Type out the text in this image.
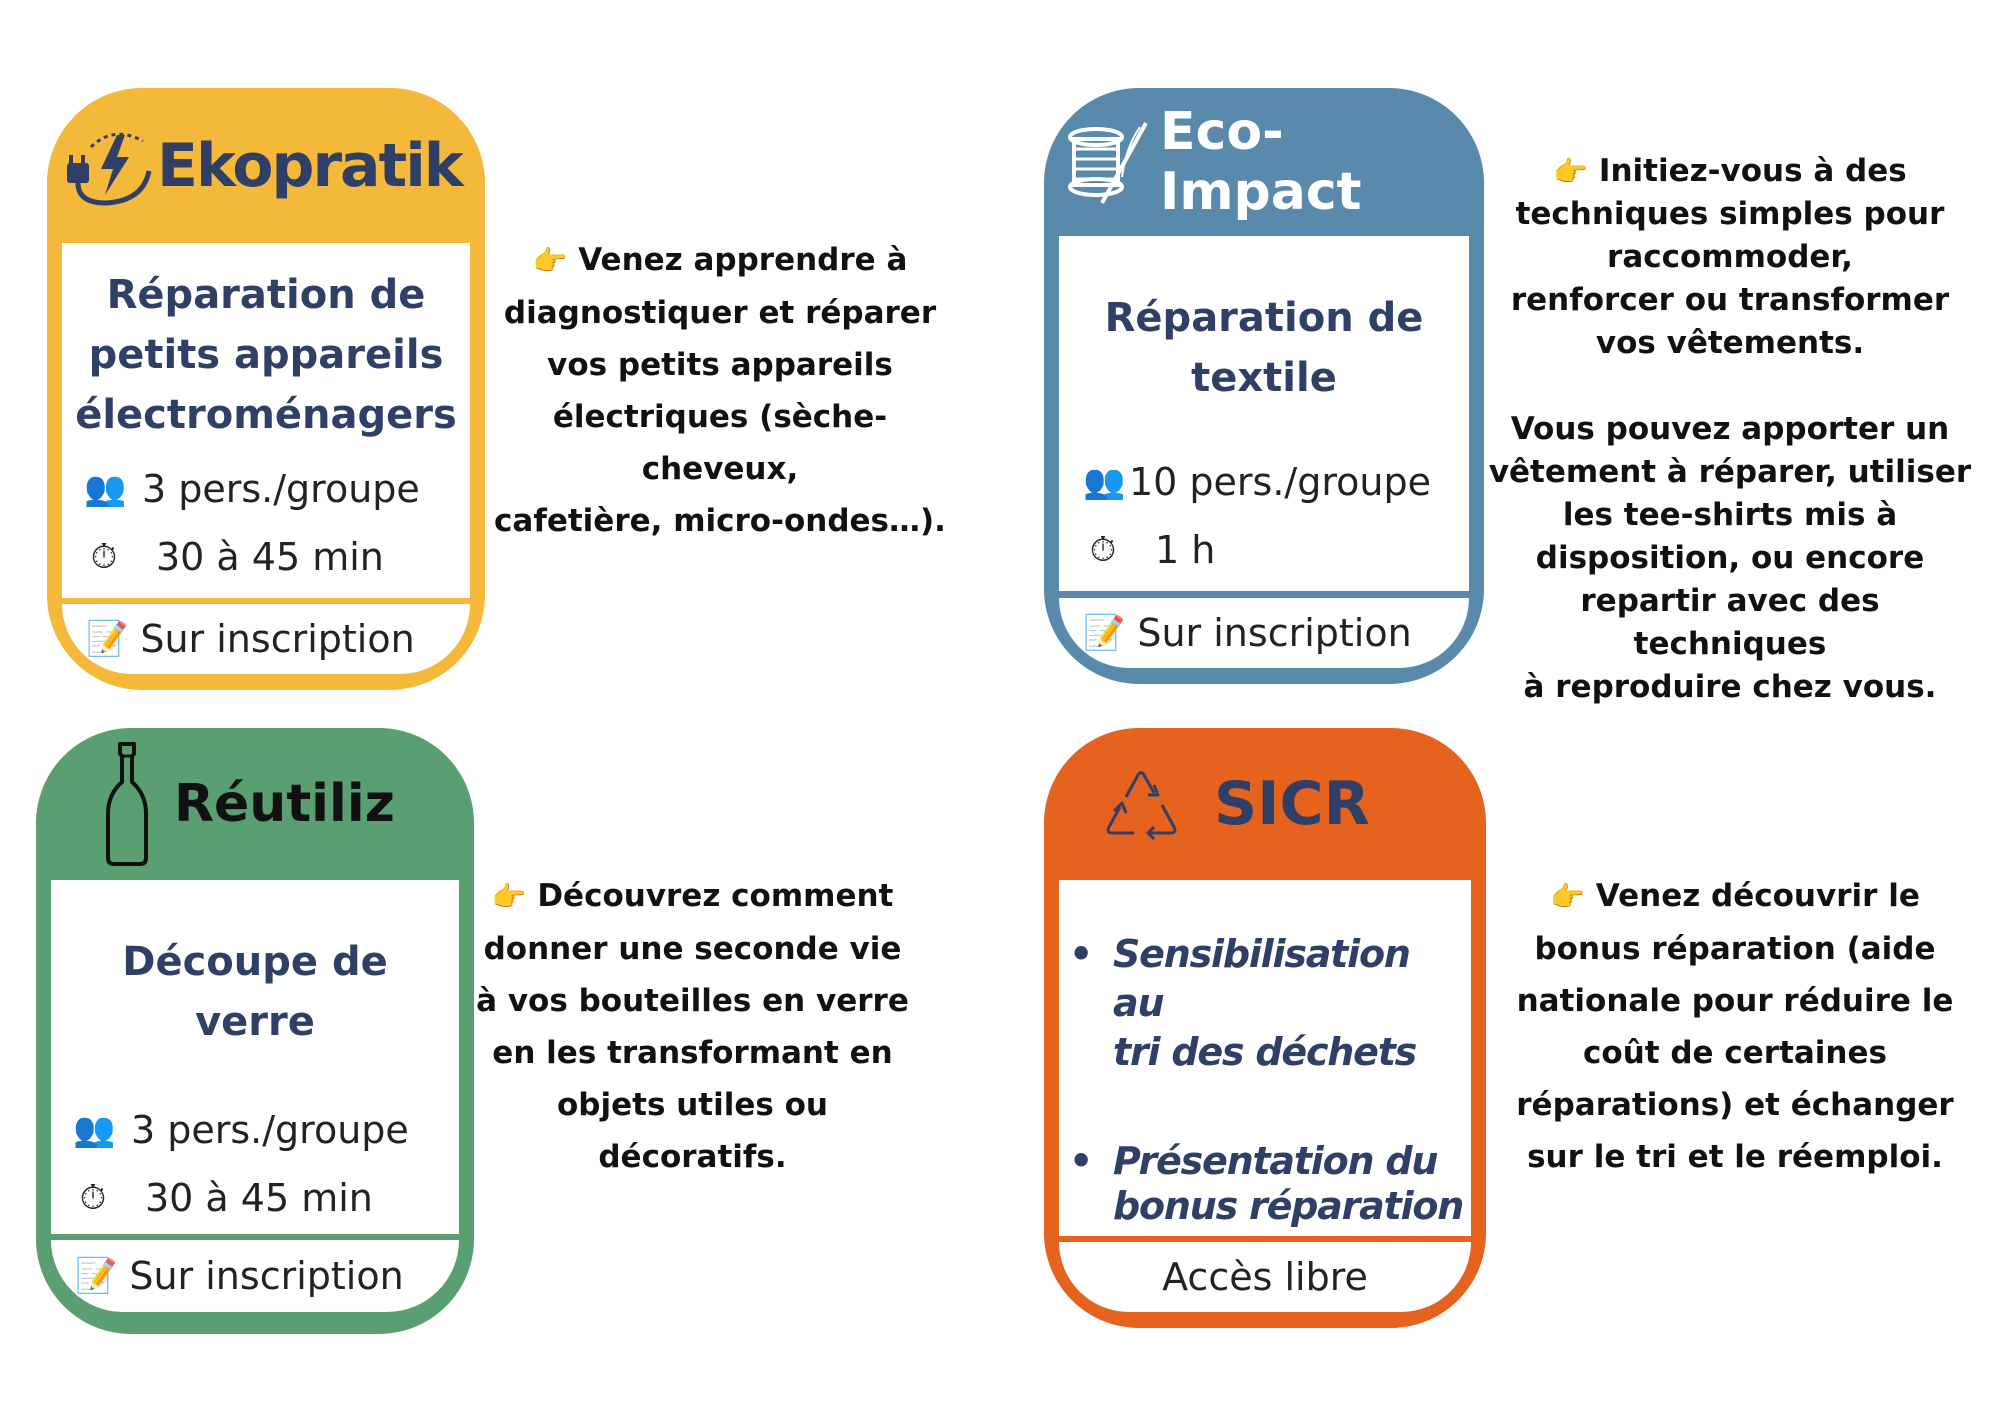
Ekopratik
Réparation de
petits appareils
électroménagers
👥 3 pers./groupe
⏱ 30 à 45 min
📝 Sur inscription
👉 Venez apprendre à
diagnostiquer et réparer
vos petits appareils
électriques (sèche-cheveux,
cafetière, micro-ondes…).
Eco-Impact
Réparation de
textile
👥 10 pers./groupe
⏱ 1 h
📝 Sur inscription
👉 Initiez-vous à des
techniques simples pour
raccommoder,
renforcer ou transformer
vos vêtements.
Vous pouvez apporter un
vêtement à réparer, utiliser
les tee-shirts mis à
disposition, ou encore
repartir avec des techniques
à reproduire chez vous.
Réutiliz
Découpe de
verre
👥 3 pers./groupe
⏱ 30 à 45 min
📝 Sur inscription
👉 Découvrez comment
donner une seconde vie
à vos bouteilles en verre
en les transformant en
objets utiles ou
décoratifs.
SICR
• Sensibilisation au
tri des déchets
• Présentation du
bonus réparation
Accès libre
👉 Venez découvrir le
bonus réparation (aide
nationale pour réduire le
coût de certaines
réparations) et échanger
sur le tri et le réemploi.
